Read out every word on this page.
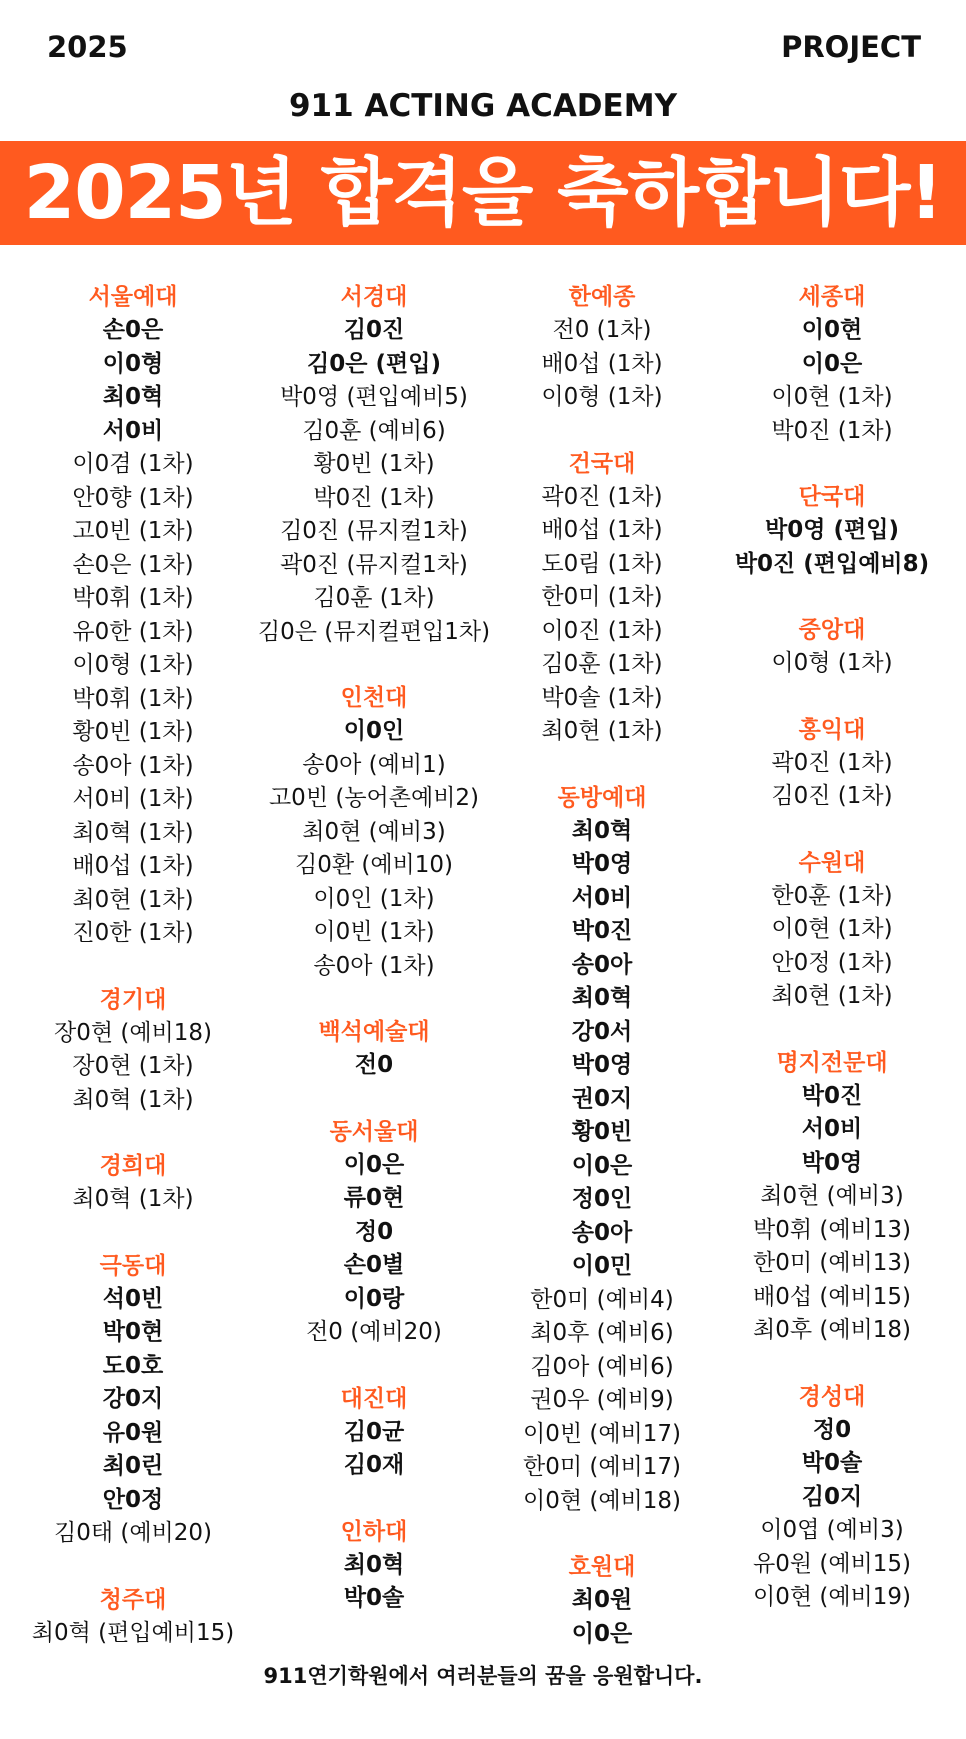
2025	PROJECT
911 ACTING ACADEMY
2025년 합격을 축하합니다!
서울예대
손0은
이0형
최0혁
서0비
이0겸 (1차)
안0향 (1차)
고0빈 (1차)
손0은 (1차)
박0휘 (1차)
유0한 (1차)
이0형 (1차)
박0휘 (1차)
황0빈 (1차)
송0아 (1차)
서0비 (1차)
최0혁 (1차)
배0섭 (1차)
최0현 (1차)
진0한 (1차)
경기대
장0현 (예비18)
장0현 (1차)
최0혁 (1차)
경희대
최0혁 (1차)
극동대
석0빈
박0현
도0호
강0지
유0원
최0린
안0정
김0태 (예비20)
청주대
최0혁 (편입예비15)
서경대
김0진
김0은 (편입)
박0영 (편입예비5)
김0훈 (예비6)
황0빈 (1차)
박0진 (1차)
김0진 (뮤지컬1차)
곽0진 (뮤지컬1차)
김0훈 (1차)
김0은 (뮤지컬편입1차)
인천대
이0인
송0아 (예비1)
고0빈 (농어촌예비2)
최0현 (예비3)
김0환 (예비10)
이0인 (1차)
이0빈 (1차)
송0아 (1차)
백석예술대
전0
동서울대
이0은
류0현
정0
손0별
이0랑
전0 (예비20)
대진대
김0균
김0재
인하대
최0혁
박0솔
한예종
전0 (1차)
배0섭 (1차)
이0형 (1차)
건국대
곽0진 (1차)
배0섭 (1차)
도0림 (1차)
한0미 (1차)
이0진 (1차)
김0훈 (1차)
박0솔 (1차)
최0현 (1차)
동방예대
최0혁
박0영
서0비
박0진
송0아
최0혁
강0서
박0영
권0지
황0빈
이0은
정0인
송0아
이0민
한0미 (예비4)
최0후 (예비6)
김0아 (예비6)
권0우 (예비9)
이0빈 (예비17)
한0미 (예비17)
이0현 (예비18)
호원대
최0원
이0은
세종대
이0현
이0은
이0현 (1차)
박0진 (1차)
단국대
박0영 (편입)
박0진 (편입예비8)
중앙대
이0형 (1차)
홍익대
곽0진 (1차)
김0진 (1차)
수원대
한0훈 (1차)
이0현 (1차)
안0정 (1차)
최0현 (1차)
명지전문대
박0진
서0비
박0영
최0현 (예비3)
박0휘 (예비13)
한0미 (예비13)
배0섭 (예비15)
최0후 (예비18)
경성대
정0
박0솔
김0지
이0엽 (예비3)
유0원 (예비15)
이0현 (예비19)
911연기학원에서 여러분들의 꿈을 응원합니다.
